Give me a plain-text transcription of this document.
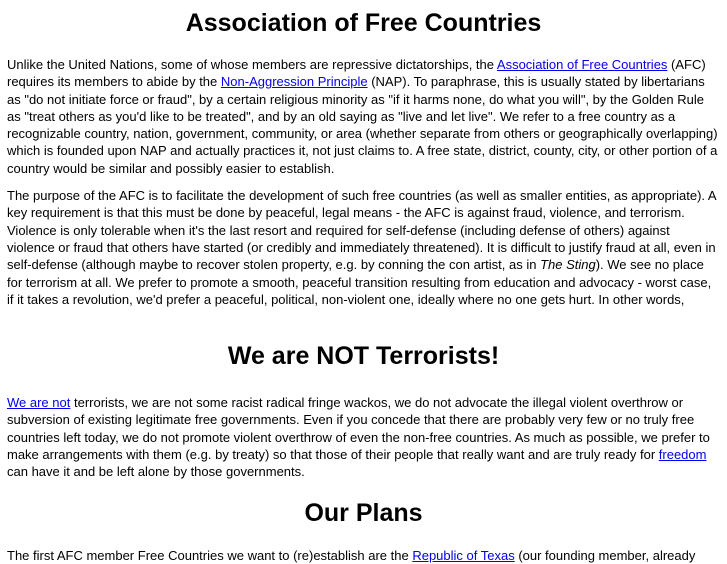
Association of Free Countries

Unlike the United Nations, some of whose members are repressive dictatorships, the Association of Free Countries (AFC) requires its members to abide by the Non-Aggression Principle (NAP). To paraphrase, this is usually stated by libertarians as "do not initiate force or fraud", by a certain religious minority as "if it harms none, do what you will", by the Golden Rule as "treat others as you'd like to be treated", and by an old saying as "live and let live". We refer to a free country as a recognizable country, nation, government, community, or area (whether separate from others or geographically overlapping) which is founded upon NAP and actually practices it, not just claims to. A free state, district, county, city, or other portion of a country would be similar and possibly easier to establish.

The purpose of the AFC is to facilitate the development of such free countries (as well as smaller entities, as appropriate). A key requirement is that this must be done by peaceful, legal means - the AFC is against fraud, violence, and terrorism. Violence is only tolerable when it's the last resort and required for self-defense (including defense of others) against violence or fraud that others have started (or credibly and immediately threatened). It is difficult to justify fraud at all, even in self-defense (although maybe to recover stolen property, e.g. by conning the con artist, as in The Sting). We see no place for terrorism at all. We prefer to promote a smooth, peaceful transition resulting from education and advocacy - worst case, if it takes a revolution, we'd prefer a peaceful, political, non-violent one, ideally where no one gets hurt. In other words,

We are NOT Terrorists!

We are not terrorists, we are not some racist radical fringe wackos, we do not advocate the illegal violent overthrow or subversion of existing legitimate free governments. Even if you concede that there are probably very few or no truly free countries left today, we do not promote violent overthrow of even the non-free countries. As much as possible, we prefer to make arrangements with them (e.g. by treaty) so that those of their people that really want and are truly ready for freedom can have it and be left alone by those governments.

Our Plans

The first AFC member Free Countries we want to (re)establish are the Republic of Texas (our founding member, already
